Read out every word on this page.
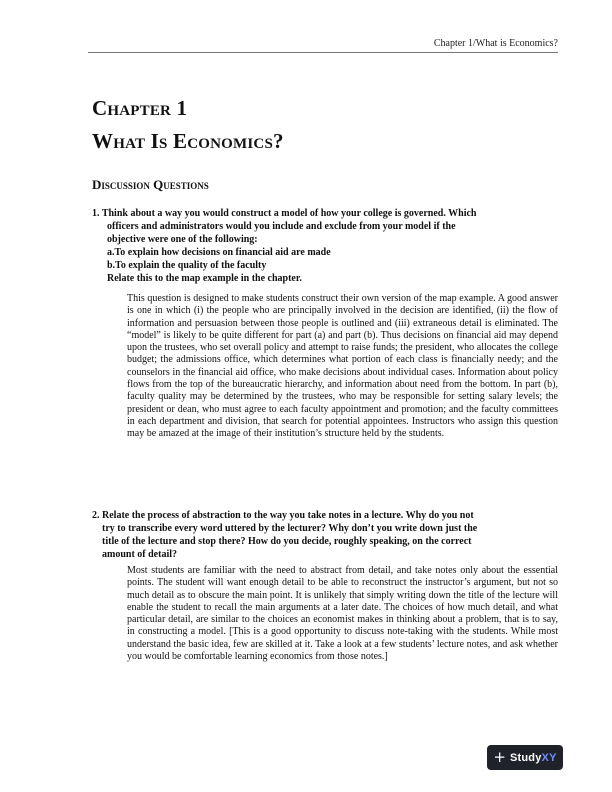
Chapter 1/What is Economics?
Chapter 1
What Is Economics?
Discussion Questions
1. Think about a way you would construct a model of how your college is governed. Which
officers and administrators would you include and exclude from your model if the
objective were one of the following:
a.To explain how decisions on financial aid are made
b.To explain the quality of the faculty
Relate this to the map example in the chapter.

This question is designed to make students construct their own version of the map example. A good answer is one in which (i) the people who are principally involved in the decision are identified, (ii) the flow of information and persuasion between those people is outlined and (iii) extraneous detail is eliminated. The “model” is likely to be quite different for part (a) and part (b). Thus decisions on financial aid may depend upon the trustees, who set overall policy and attempt to raise funds; the president, who allocates the college budget; the admissions office, which determines what portion of each class is financially needy; and the counselors in the financial aid office, who make decisions about individual cases. Information about policy flows from the top of the bureaucratic hierarchy, and information about need from the bottom. In part (b), faculty quality may be determined by the trustees, who may be responsible for setting salary levels; the president or dean, who must agree to each faculty appointment and promotion; and the faculty committees in each department and division, that search for potential appointees. Instructors who assign this question may be amazed at the image of their institution’s structure held by the students.

2. Relate the process of abstraction to the way you take notes in a lecture. Why do you not
try to transcribe every word uttered by the lecturer? Why don’t you write down just the
title of the lecture and stop there? How do you decide, roughly speaking, on the correct
amount of detail?

Most students are familiar with the need to abstract from detail, and take notes only about the essential points. The student will want enough detail to be able to reconstruct the instructor’s argument, but not so much detail as to obscure the main point. It is unlikely that simply writing down the title of the lecture will enable the student to recall the main arguments at a later date. The choices of how much detail, and what particular detail, are similar to the choices an economist makes in thinking about a problem, that is to say, in constructing a model. [This is a good opportunity to discuss note-taking with the students. While most understand the basic idea, few are skilled at it. Take a look at a few students’ lecture notes, and ask whether you would be comfortable learning economics from those notes.]

+ StudyXY
